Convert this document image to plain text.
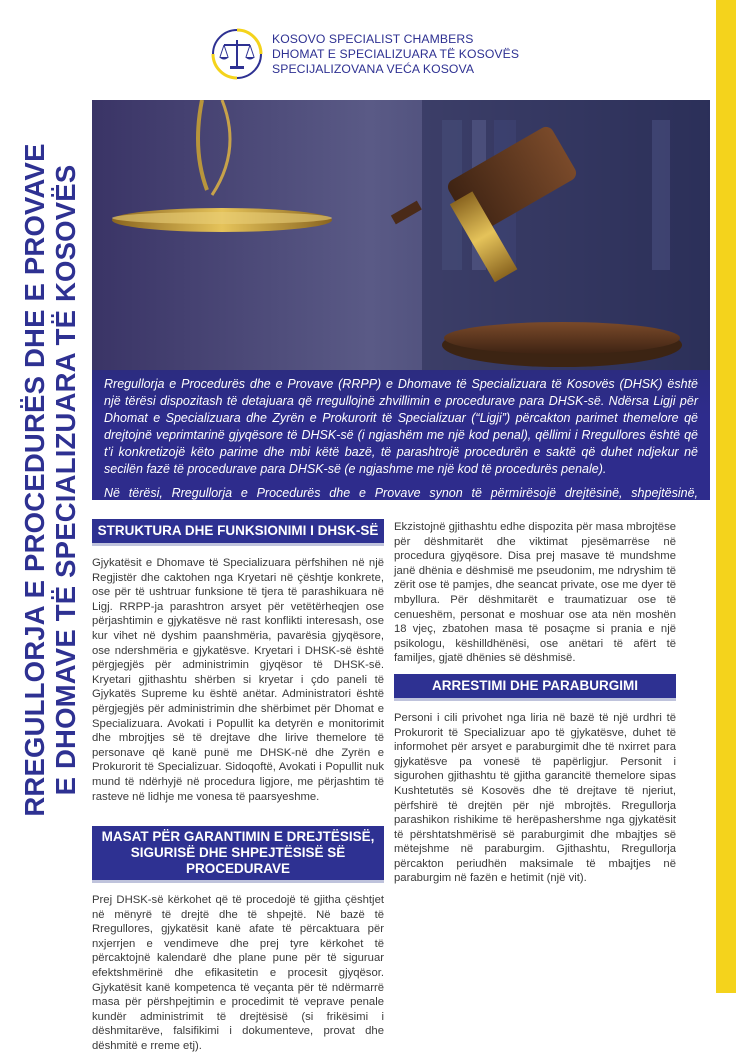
KOSOVO SPECIALIST CHAMBERS
DHOMAT E SPECIALIZUARA TË KOSOVËS
SPECIJALIZOVANA VEĆA KOSOVA
RREGULLORJA E PROCEDURËS DHE E PROVAVE E DHOMAVE TË SPECIALIZUARA TË KOSOVËS Rregullorja e Procedurës dhe e Provave (RRPP) e Dhomave të Specializuara të Kosovës (DHSK) është një tërësi dispozitash të detajuara që rregullojnë zhvillimin e procedurave para DHSK-së. Ndërsa Ligji për Dhomat e Specializuara dhe Zyrën e Prokurorit të Specializuar (“Ligji”) përcakton parimet themelore që drejtojnë veprimtarinë gjyqësore të DHSK-së (i ngjashëm me një kod penal), qëllimi i Rregullores është që t’i konkretizojë këto parime dhe mbi këtë bazë, të parashtrojë procedurën e saktë që duhet ndjekur në secilën fazë të procedurave para DHSK-së (e ngjashme me një kod të procedurës penale).

Në tërësi, Rregullorja e Procedurës dhe e Provave synon të përmirësojë drejtësinë, shpejtësinë,

STRUKTURA DHE FUNKSIONIMI I DHSK-SË

Gjykatësit e Dhomave të Specializuara përfshihen në një Regjistër dhe caktohen nga Kryetari në çështje konkrete, ose për të ushtruar funksione të tjera të parashikuara në Ligj. RRPP-ja parashtron arsyet për vetëtërheqjen ose përjashtimin e gjykatësve në rast konflikti interesash, ose kur vihet në dyshim paanshmëria, pavarësia gjyqësore, ose ndershmëria e gjykatësve. Kryetari i DHSK-së është përgjegjës për administrimin gjyqësor të DHSK-së. Kryetari gjithashtu shërben si kryetar i çdo paneli të Gjykatës Supreme ku është anëtar. Administratori është përgjegjës për administrimin dhe shërbimet për Dhomat e Specializuara. Avokati i Popullit ka detyrën e monitorimit dhe mbrojtjes së të drejtave dhe lirive themelore të personave që kanë punë me DHSK-në dhe Zyrën e Prokurorit të Specializuar. Sidoqoftë, Avokati i Popullit nuk mund të ndërhyjë në procedura ligjore, me përjashtim të rasteve në lidhje me vonesa të paarsyeshme.

MASAT PËR GARANTIMIN E DREJTËSISË, SIGURISË DHE SHPEJTËSISË SË PROCEDURAVE

Prej DHSK-së kërkohet që të procedojë të gjitha çështjet në mënyrë të drejtë dhe të shpejtë. Në bazë të Rregullores, gjykatësit kanë afate të përcaktuara për nxjerrjen e vendimeve dhe prej tyre kërkohet të përcaktojnë kalendarë dhe plane pune për të siguruar efektshmërinë dhe efikasitetin e procesit gjyqësor. Gjykatësit kanë kompetenca të veçanta për të ndërmarrë masa për përshpejtimin e procedimit të veprave penale kundër administrimit të drejtësisë (si frikësimi i dëshmitarëve, falsifikimi i dokumenteve, provat dhe dëshmitë e rreme etj).

Ekzistojnë gjithashtu edhe dispozita për masa mbrojtëse për dëshmitarët dhe viktimat pjesëmarrëse në procedura gjyqësore. Disa prej masave të mundshme janë dhënia e dëshmisë me pseudonim, me ndryshim të zërit ose të pamjes, dhe seancat private, ose me dyer të mbyllura. Për dëshmitarët e traumatizuar ose të cenueshëm, personat e moshuar ose ata nën moshën 18 vjeç, zbatohen masa të posaçme si prania e një psikologu, këshilldhënësi, ose anëtari të afërt të familjes, gjatë dhënies së dëshmisë.

ARRESTIMI DHE PARABURGIMI

Personi i cili privohet nga liria në bazë të një urdhri të Prokurorit të Specializuar apo të gjykatësve, duhet të informohet për arsyet e paraburgimit dhe të nxirret para gjykatësve pa vonesë të papërligjur. Personit i sigurohen gjithashtu të gjitha garancitë themelore sipas Kushtetutës së Kosovës dhe të drejtave të njeriut, përfshirë të drejtën për një mbrojtës. Rregullorja parashikon rishikime të herëpashershme nga gjykatësit të përshtatshmërisë së paraburgimit dhe mbajtjes së mëtejshme në paraburgim. Gjithashtu, Rregullorja përcakton periudhën maksimale të mbajtjes në paraburgim në fazën e hetimit (një vit).
